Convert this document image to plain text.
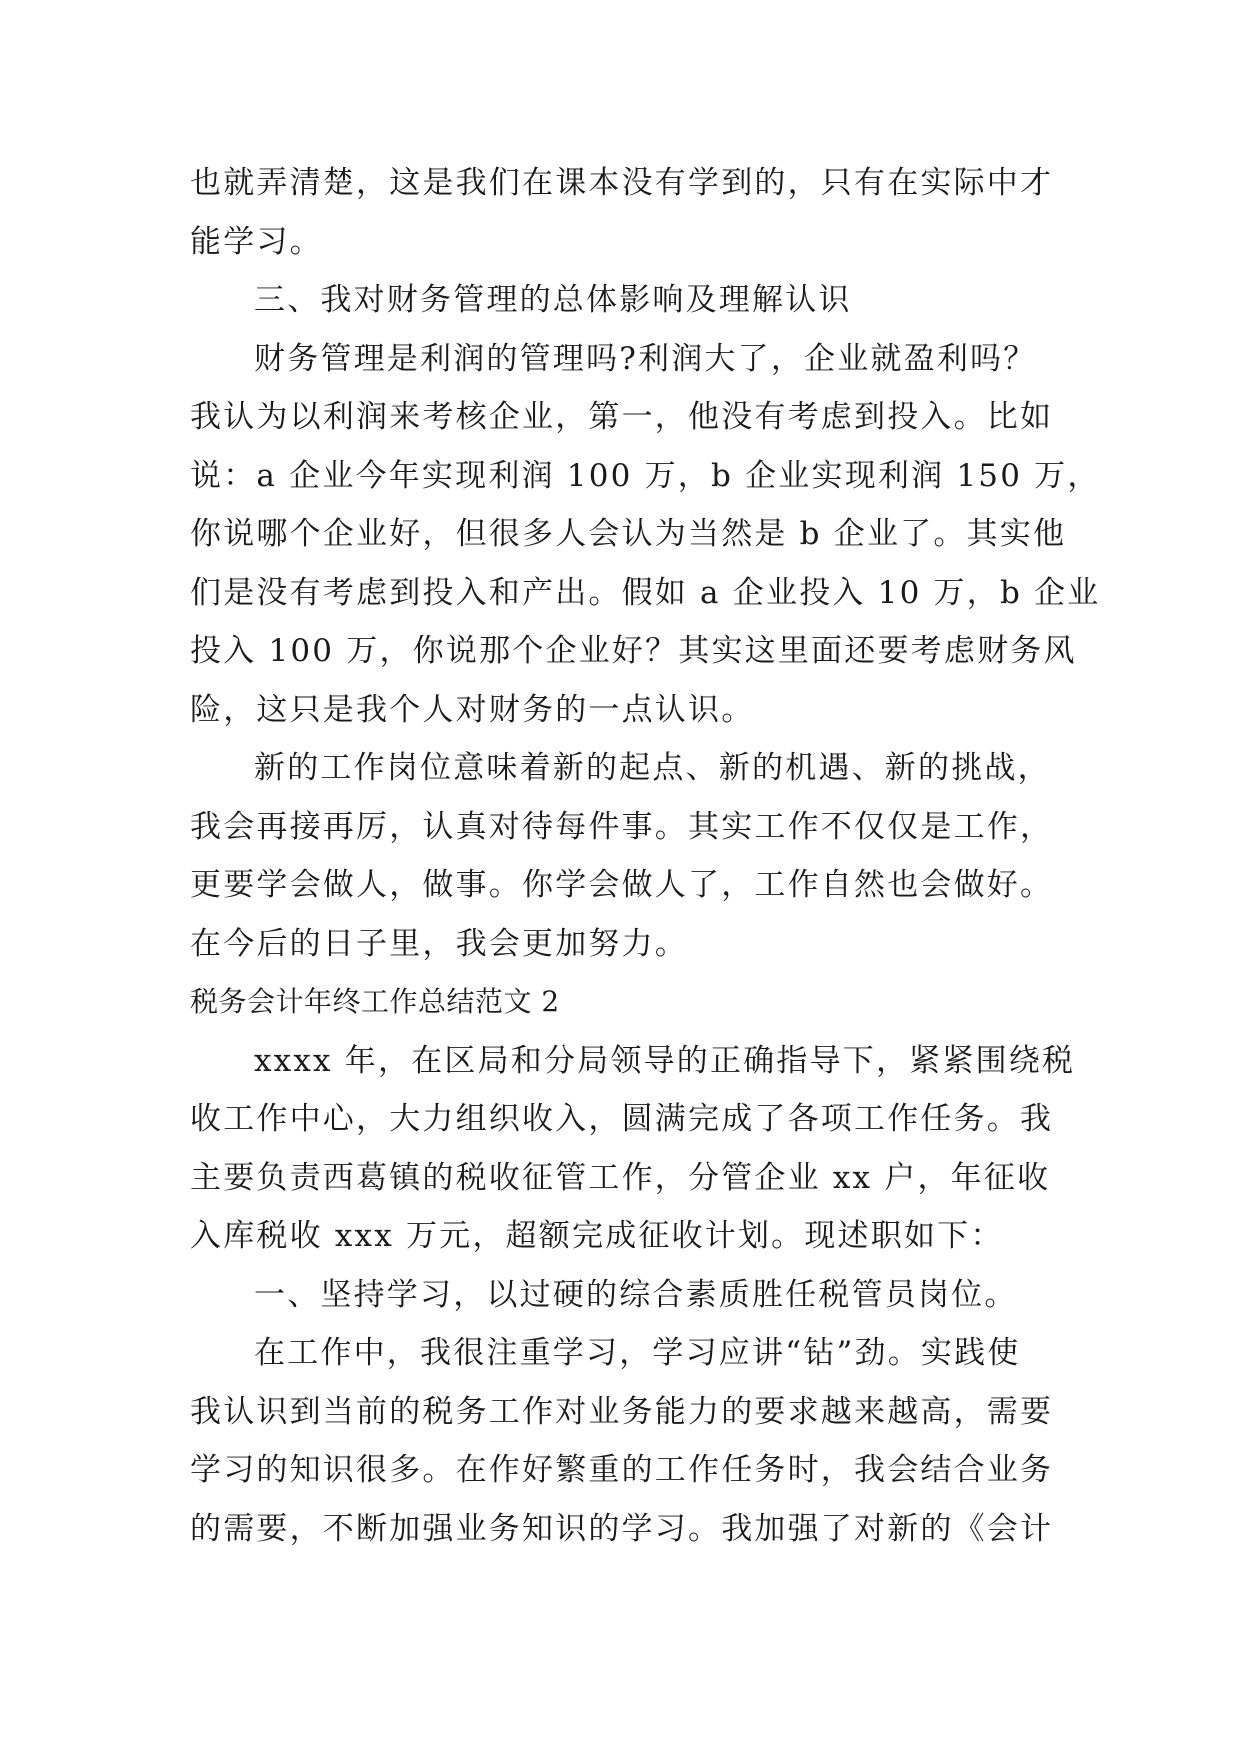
也就弄清楚，这是我们在课本没有学到的，只有在实际中才
能学习。
三、我对财务管理的总体影响及理解认识
财务管理是利润的管理吗?利润大了，企业就盈利吗？
我认为以利润来考核企业，第一，他没有考虑到投入。比如
说：a 企业今年实现利润 100 万，b 企业实现利润 150 万，
你说哪个企业好，但很多人会认为当然是 b 企业了。其实他
们是没有考虑到投入和产出。假如 a 企业投入 10 万，b 企业
投入 100 万，你说那个企业好？其实这里面还要考虑财务风
险，这只是我个人对财务的一点认识。
新的工作岗位意味着新的起点、新的机遇、新的挑战，
我会再接再厉，认真对待每件事。其实工作不仅仅是工作，
更要学会做人，做事。你学会做人了，工作自然也会做好。
在今后的日子里，我会更加努力。
税务会计年终工作总结范文 2
xxxx 年，在区局和分局领导的正确指导下，紧紧围绕税
收工作中心，大力组织收入，圆满完成了各项工作任务。我
主要负责西葛镇的税收征管工作，分管企业 xx 户，年征收
入库税收 xxx 万元，超额完成征收计划。现述职如下：
一、坚持学习，以过硬的综合素质胜任税管员岗位。
在工作中，我很注重学习，学习应讲“钻”劲。实践使
我认识到当前的税务工作对业务能力的要求越来越高，需要
学习的知识很多。在作好繁重的工作任务时，我会结合业务
的需要，不断加强业务知识的学习。我加强了对新的《会计
